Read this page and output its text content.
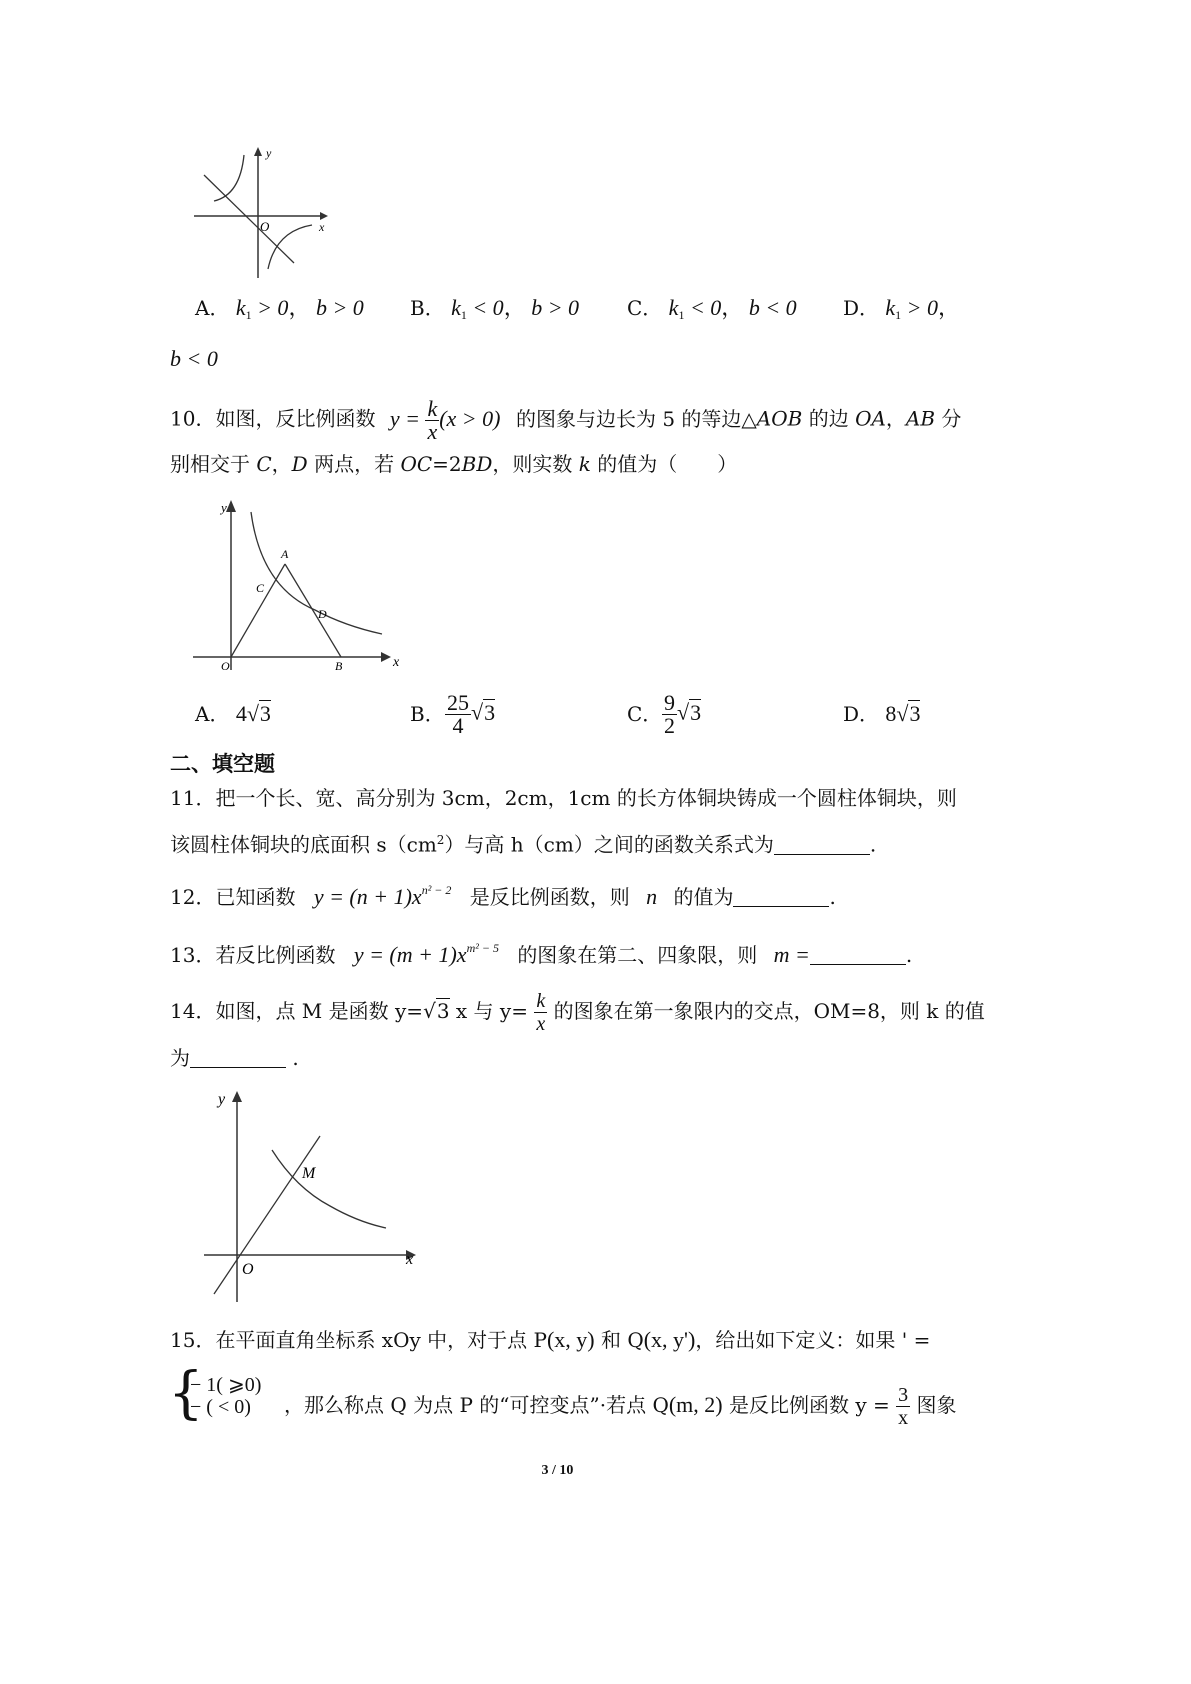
y
x
O
A． $k_1 > 0$， b > 0 B． $k_1 < 0$， b > 0 C． $k_1 < 0$， b < 0 D． $k_1 > 0$，
b < 0
10．如图，反比例函数 $y = \frac{k}{x} (x > 0)$ 的图象与边长为 5 的等边△AOB 的边 OA，AB 分
别相交于 C，D 两点，若 OC=2BD，则实数 k 的值为（　　）
y
x
O
A
B
C
D
A． 4√3	B． $\frac{25}{4} √3$	C． $\frac{9}{2} √3$	D． 8√3
二、填空题
11．把一个长、宽、高分别为 3cm，2cm，1cm 的长方体铜块铸成一个圆柱体铜块，则
该圆柱体铜块的底面积 $s(cm^2)$与高 h（cm）之间的函数关系式为	.
12．已知函数 $y = (n + 1)x^{n^2 - 2}$ 是反比例函数，则 n 的值为	.
13．若反比例函数 $y = (m + 1)x^{m^2 - 5}$ 的图象在第二、四象限，则 m =	.
14．如图，点 M 是函数 y=√3 x 与 $y= \frac{k}{x}$ 的图象在第一象限内的交点，OM=8，则 k 的值
为	.
y
x
O
M
15．在平面直角坐标系 xOy 中，对于点 P(x, y) 和 Q(x, y')，给出如下定义：如果 ' =
{
− 1( ⩾0)
− ( < 0) ，那么称点 Q 为点 P 的“可控变点”·若点 Q(m, 2) 是反比例函数 $y = \frac{3}{x}$ 图象
3 / 10
